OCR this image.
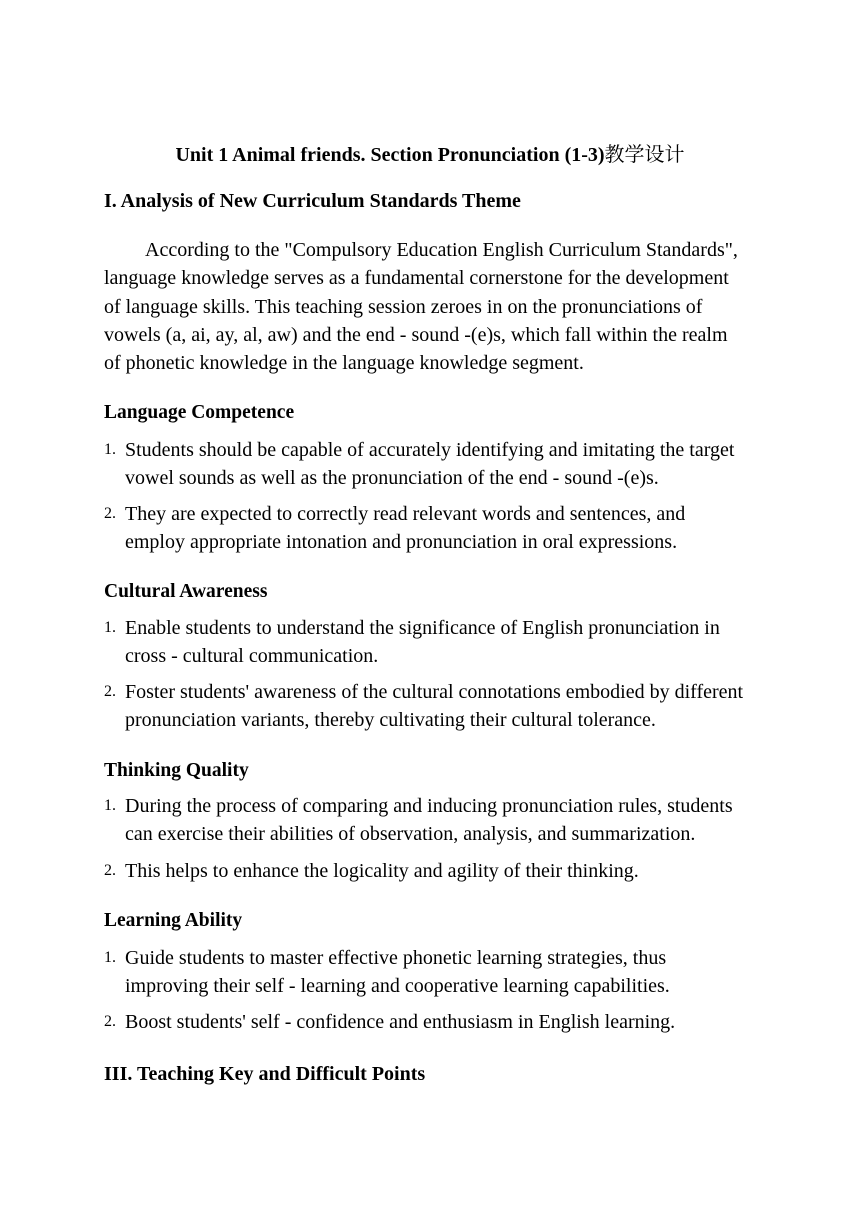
Unit 1 Animal friends. Section Pronunciation (1-3)教学设计
I. Analysis of New Curriculum Standards Theme
According to the "Compulsory Education English Curriculum Standards",
language knowledge serves as a fundamental cornerstone for the development
of language skills. This teaching session zeroes in on the pronunciations of
vowels (a, ai, ay, al, aw) and the end - sound -(e)s, which fall within the realm
of phonetic knowledge in the language knowledge segment.
Language Competence
1. Students should be capable of accurately identifying and imitating the target
vowel sounds as well as the pronunciation of the end - sound -(e)s.
2. They are expected to correctly read relevant words and sentences, and
employ appropriate intonation and pronunciation in oral expressions.
Cultural Awareness
1. Enable students to understand the significance of English pronunciation in
cross - cultural communication.
2. Foster students' awareness of the cultural connotations embodied by different
pronunciation variants, thereby cultivating their cultural tolerance.
Thinking Quality
1. During the process of comparing and inducing pronunciation rules, students
can exercise their abilities of observation, analysis, and summarization.
2. This helps to enhance the logicality and agility of their thinking.
Learning Ability
1. Guide students to master effective phonetic learning strategies, thus
improving their self - learning and cooperative learning capabilities.
2. Boost students' self - confidence and enthusiasm in English learning.
III. Teaching Key and Difficult Points
